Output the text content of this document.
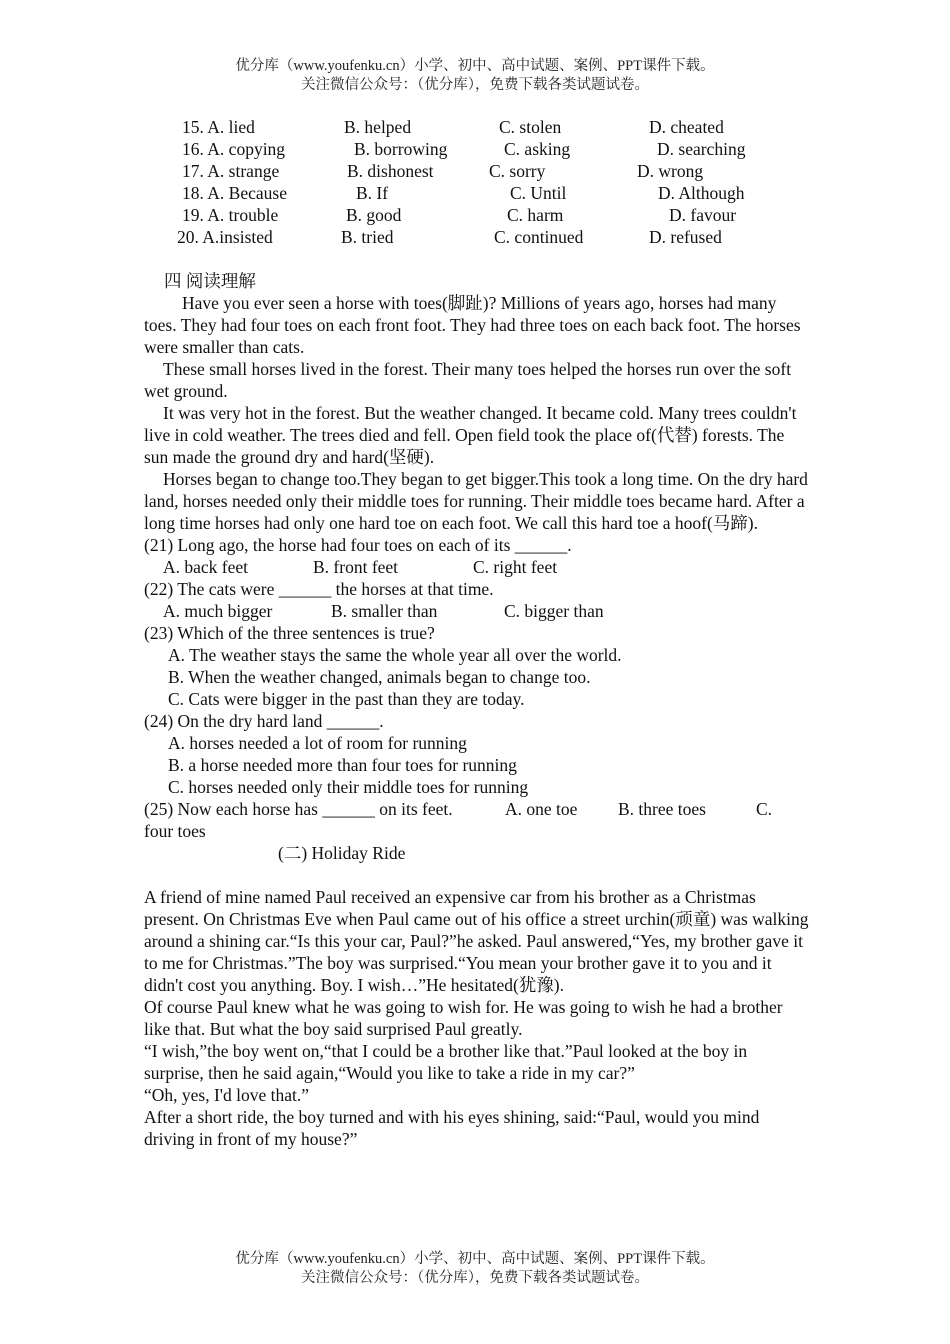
优分库（www.youfenku.cn）小学、初中、高中试题、案例、PPT课件下载。
关注微信公众号：（优分库），免费下载各类试题试卷。
15. A. lied	B. helped	C. stolen	D. cheated
16. A. copying	B. borrowing	C. asking	D. searching
17. A. strange	B. dishonest	C. sorry	D. wrong
18. A. Because	B. If	C. Until	D. Although
19. A. trouble	B. good	C. harm	D. favour
20. A.insisted	B. tried	C. continued	D. refused
四 阅读理解

Have you ever seen a horse with toes(脚趾)? Millions of years ago, horses had many toes. They had four toes on each front foot. They had three toes on each back foot. The horses were smaller than cats.

These small horses lived in the forest. Their many toes helped the horses run over the soft wet ground.

It was very hot in the forest. But the weather changed. It became cold. Many trees couldn't live in cold weather. The trees died and fell. Open field took the place of(代替) forests. The sun made the ground dry and hard(坚硬).

Horses began to change too.They began to get bigger.This took a long time. On the dry hard land, horses needed only their middle toes for running. Their middle toes became hard. After a long time horses had only one hard toe on each foot. We call this hard toe a hoof(马蹄).

(21) Long ago, the horse had four toes on each of its ______.

A. back feet	B. front feet	C. right feet

(22) The cats were ______ the horses at that time.

A. much bigger	B. smaller than	C. bigger than

(23) Which of the three sentences is true?

A. The weather stays the same the whole year all over the world.

B. When the weather changed, animals began to change too.

C. Cats were bigger in the past than they are today.

(24) On the dry hard land ______.

A. horses needed a lot of room for running

B. a horse needed more than four toes for running

C. horses needed only their middle toes for running

(25) Now each horse has ______ on its feet.	A. one toe B. three toes	C.

four toes

(二) Holiday Ride

A friend of mine named Paul received an expensive car from his brother as a Christmas present. On Christmas Eve when Paul came out of his office a street urchin(顽童) was walking around a shining car.“Is this your car, Paul?”he asked. Paul answered,“Yes, my brother gave it to me for Christmas.”The boy was surprised.“You mean your brother gave it to you and it didn't cost you anything. Boy. I wish…”He hesitated(犹豫).

Of course Paul knew what he was going to wish for. He was going to wish he had a brother like that. But what the boy said surprised Paul greatly.

“I wish,”the boy went on,“that I could be a brother like that.”Paul looked at the boy in surprise, then he said again,“Would you like to take a ride in my car?”

“Oh, yes, I'd love that.”

After a short ride, the boy turned and with his eyes shining, said:“Paul, would you mind driving in front of my house?”

优分库（www.youfenku.cn）小学、初中、高中试题、案例、PPT课件下载。
关注微信公众号：（优分库），免费下载各类试题试卷。
